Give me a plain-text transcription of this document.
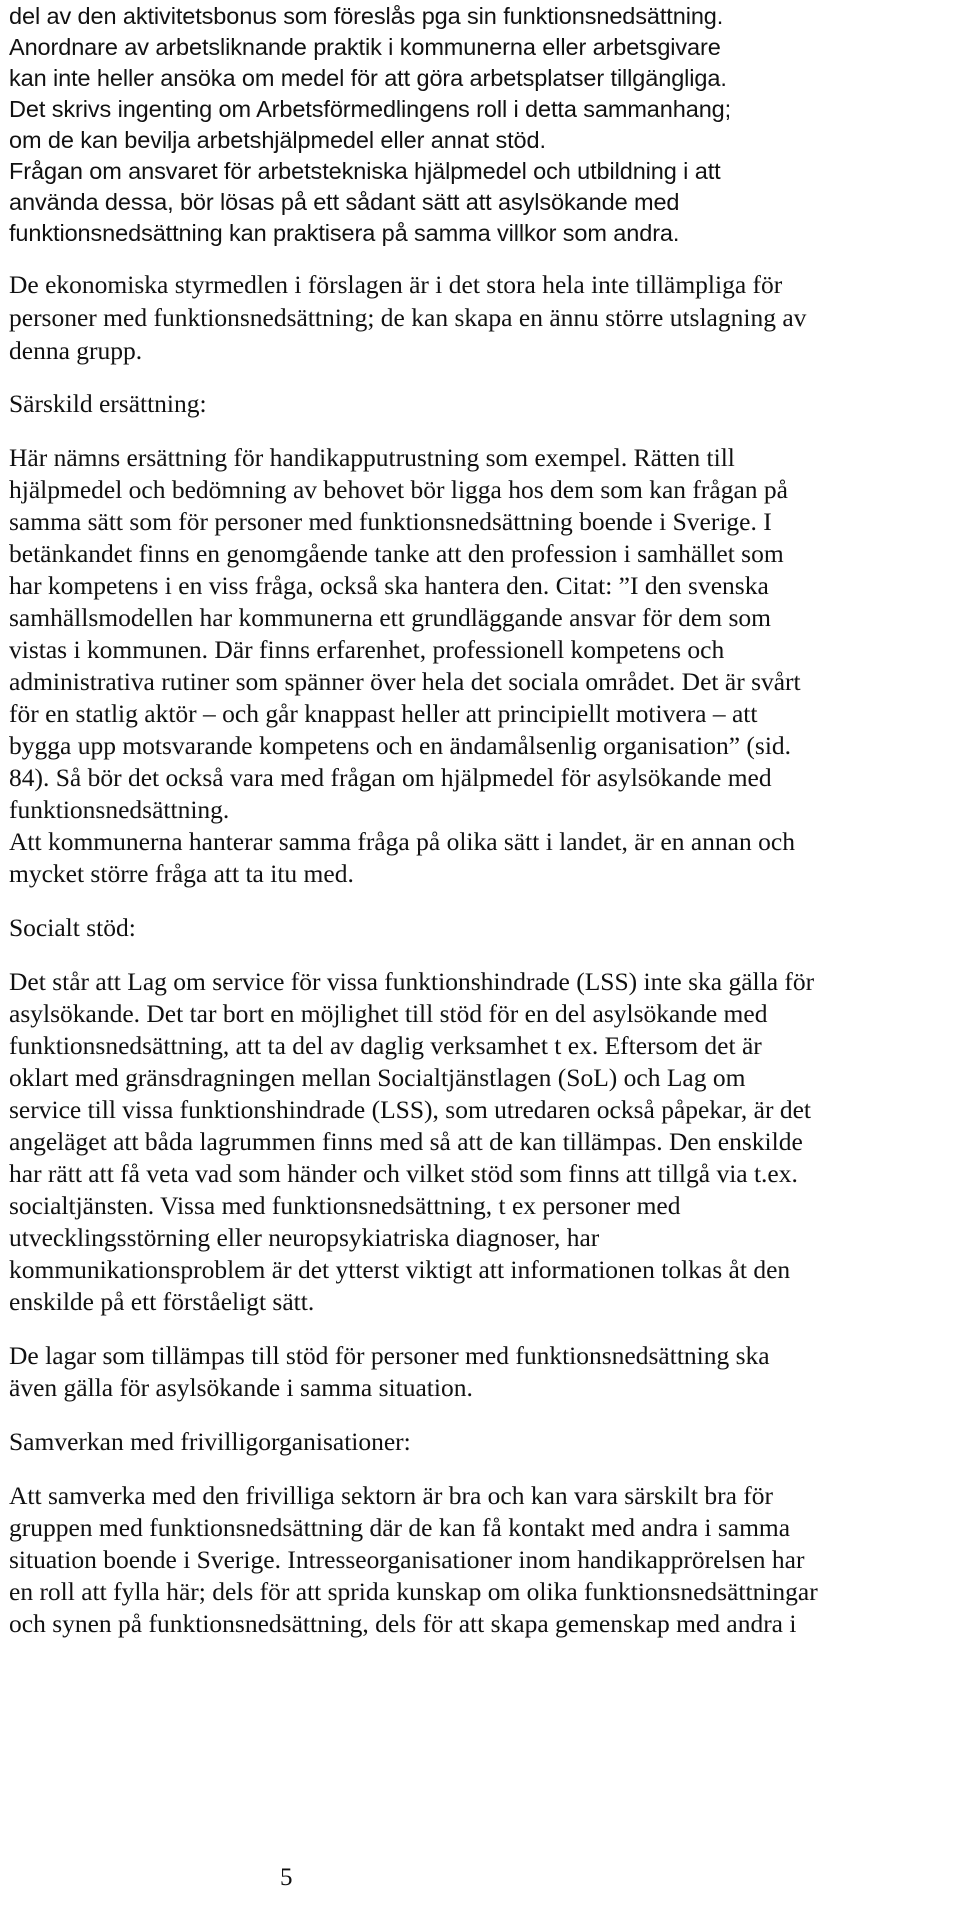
del av den aktivitetsbonus som föreslås pga sin funktionsnedsättning.

Anordnare av arbetsliknande praktik i kommunerna eller arbetsgivare

kan inte heller ansöka om medel för att göra arbetsplatser tillgängliga.

Det skrivs ingenting om Arbetsförmedlingens roll i detta sammanhang;

om de kan bevilja arbetshjälpmedel eller annat stöd.

Frågan om ansvaret för arbetstekniska hjälpmedel och utbildning i att

använda dessa, bör lösas på ett sådant sätt att asylsökande med

funktionsnedsättning kan praktisera på samma villkor som andra.

De ekonomiska styrmedlen i förslagen är i det stora hela inte tillämpliga för

personer med funktionsnedsättning; de kan skapa en ännu större utslagning av

denna grupp.

Särskild ersättning:

Här nämns ersättning för handikapputrustning som exempel. Rätten till

hjälpmedel och bedömning av behovet bör ligga hos dem som kan frågan på

samma sätt som för personer med funktionsnedsättning boende i Sverige. I

betänkandet finns en genomgående tanke att den profession i samhället som

har kompetens i en viss fråga, också ska hantera den. Citat: ”I den svenska

samhällsmodellen har kommunerna ett grundläggande ansvar för dem som

vistas i kommunen. Där finns erfarenhet, professionell kompetens och

administrativa rutiner som spänner över hela det sociala området. Det är svårt

för en statlig aktör – och går knappast heller att principiellt motivera – att

bygga upp motsvarande kompetens och en ändamålsenlig organisation” (sid.

84). Så bör det också vara med frågan om hjälpmedel för asylsökande med

funktionsnedsättning.

Att kommunerna hanterar samma fråga på olika sätt i landet, är en annan och

mycket större fråga att ta itu med.

Socialt stöd:

Det står att Lag om service för vissa funktionshindrade (LSS) inte ska gälla för

asylsökande. Det tar bort en möjlighet till stöd för en del asylsökande med

funktionsnedsättning, att ta del av daglig verksamhet t ex. Eftersom det är

oklart med gränsdragningen mellan Socialtjänstlagen (SoL) och Lag om

service till vissa funktionshindrade (LSS), som utredaren också påpekar, är det

angeläget att båda lagrummen finns med så att de kan tillämpas. Den enskilde

har rätt att få veta vad som händer och vilket stöd som finns att tillgå via t.ex.

socialtjänsten. Vissa med funktionsnedsättning, t ex personer med

utvecklingsstörning eller neuropsykiatriska diagnoser, har

kommunikationsproblem är det ytterst viktigt att informationen tolkas åt den

enskilde på ett förståeligt sätt.

De lagar som tillämpas till stöd för personer med funktionsnedsättning ska

även gälla för asylsökande i samma situation.

Samverkan med frivilligorganisationer:

Att samverka med den frivilliga sektorn är bra och kan vara särskilt bra för

gruppen med funktionsnedsättning där de kan få kontakt med andra i samma

situation boende i Sverige. Intresseorganisationer inom handikapprörelsen har

en roll att fylla här; dels för att sprida kunskap om olika funktionsnedsättningar

och synen på funktionsnedsättning, dels för att skapa gemenskap med andra i

5
